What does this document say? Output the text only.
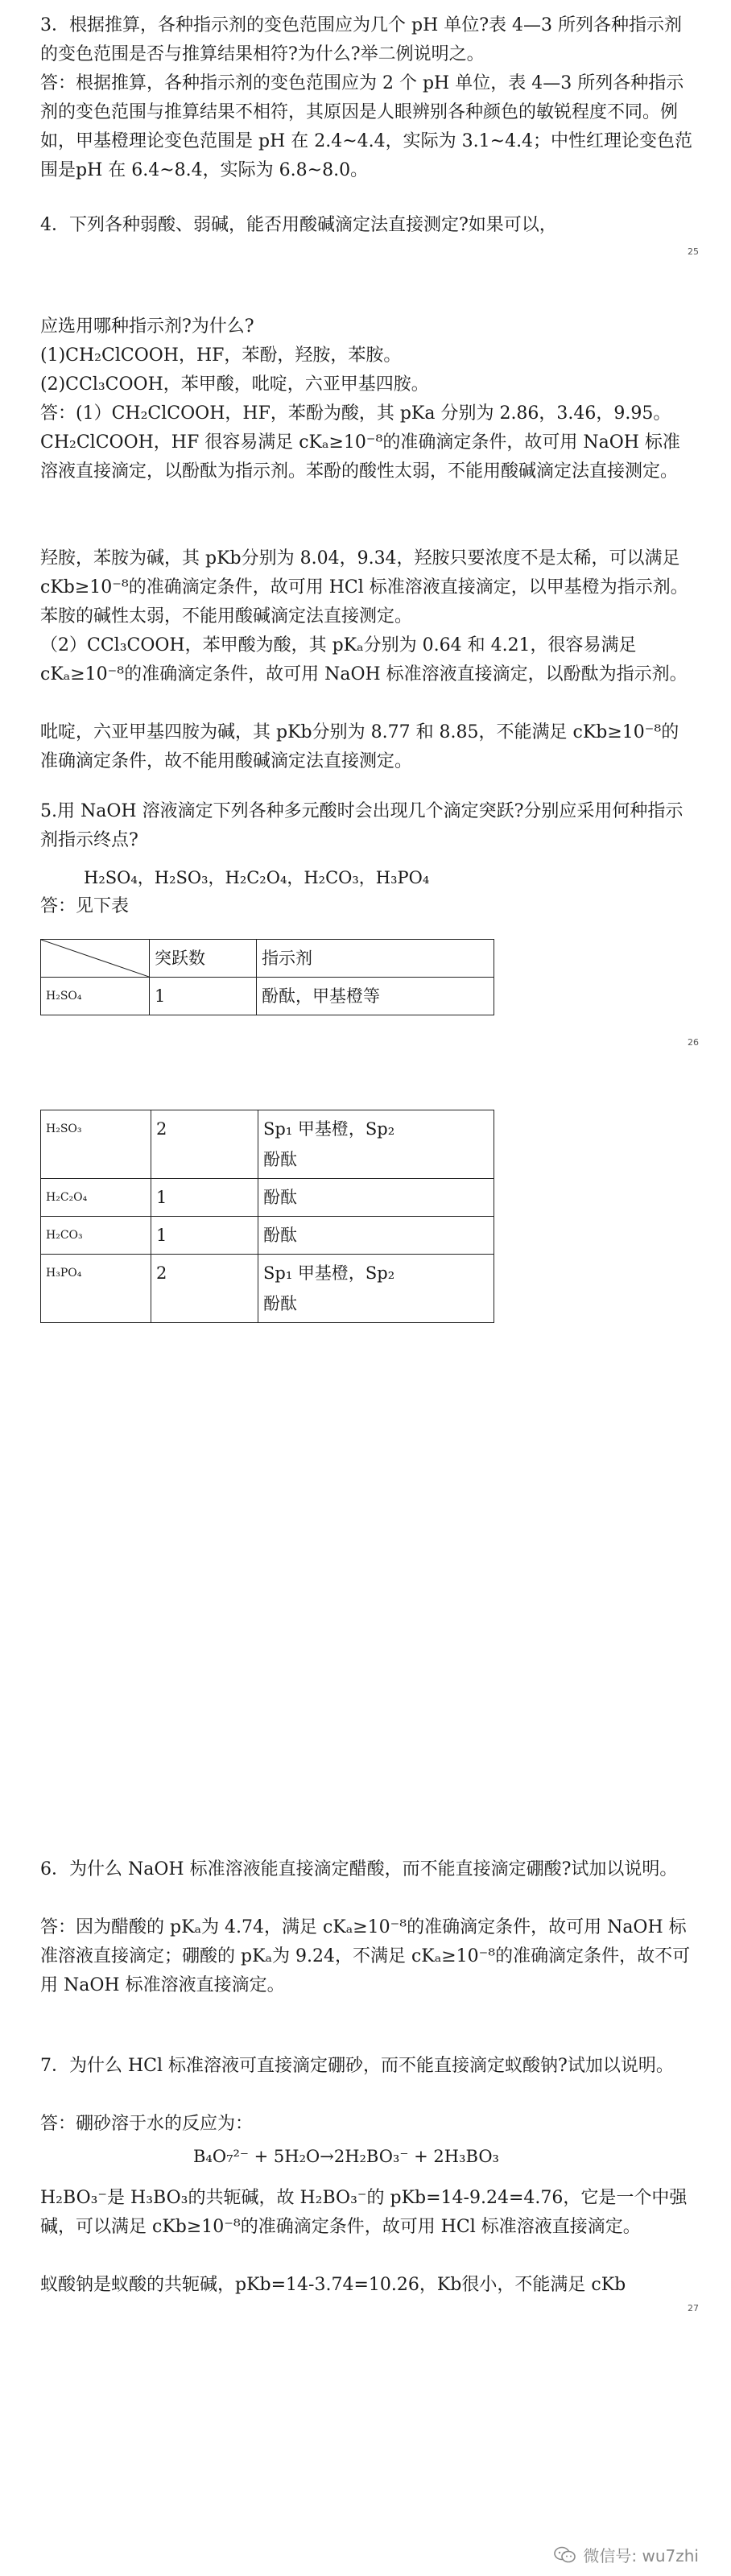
3．根据推算，各种指示剂的变色范围应为几个 pH 单位?表 4—3 所列各种指示剂的变色范围是否与推算结果相符?为什么?举二例说明之。

答：根据推算，各种指示剂的变色范围应为 2 个 pH 单位，表 4—3 所列各种指示剂的变色范围与推算结果不相符，其原因是人眼辨别各种颜色的敏锐程度不同。例如，甲基橙理论变色范围是 pH 在 2.4~4.4，实际为 3.1~4.4；中性红理论变色范围是pH 在 6.4~8.4，实际为 6.8~8.0。

4．下列各种弱酸、弱碱，能否用酸碱滴定法直接测定?如果可以，

25

应选用哪种指示剂?为什么?

(1)CH₂ClCOOH，HF，苯酚，羟胺，苯胺。

(2)CCl₃COOH，苯甲酸，吡啶，六亚甲基四胺。

答：(1）CH₂ClCOOH，HF，苯酚为酸，其 pKa 分别为 2.86，3.46，9.95。CH₂ClCOOH，HF 很容易满足 cKₐ≥10⁻⁸的准确滴定条件，故可用 NaOH 标准溶液直接滴定，以酚酞为指示剂。苯酚的酸性太弱，不能用酸碱滴定法直接测定。

羟胺，苯胺为碱，其 pKb分别为 8.04，9.34，羟胺只要浓度不是太稀，可以满足 cKb≥10⁻⁸的准确滴定条件，故可用 HCl 标准溶液直接滴定，以甲基橙为指示剂。苯胺的碱性太弱，不能用酸碱滴定法直接测定。

（2）CCl₃COOH，苯甲酸为酸，其 pKₐ分别为 0.64 和 4.21，很容易满足 cKₐ≥10⁻⁸的准确滴定条件，故可用 NaOH 标准溶液直接滴定，以酚酞为指示剂。

吡啶，六亚甲基四胺为碱，其 pKb分别为 8.77 和 8.85，不能满足 cKb≥10⁻⁸的准确滴定条件，故不能用酸碱滴定法直接测定。

5.用 NaOH 溶液滴定下列各种多元酸时会出现几个滴定突跃?分别应采用何种指示剂指示终点?

H₂SO₄，H₂SO₃，H₂C₂O₄，H₂CO₃，H₃PO₄

答：见下表

	突跃数	指示剂
H₂SO₄	1	酚酞，甲基橙等
26
H₂SO₃	2	Sp₁ 甲基橙，Sp₂
酚酞
H₂C₂O₄	1	酚酞
H₂CO₃	1	酚酞
H₃PO₄	2	Sp₁ 甲基橙，Sp₂
酚酞

6．为什么 NaOH 标准溶液能直接滴定醋酸，而不能直接滴定硼酸?试加以说明。

答：因为醋酸的 pKₐ为 4.74，满足 cKₐ≥10⁻⁸的准确滴定条件，故可用 NaOH 标准溶液直接滴定；硼酸的 pKₐ为 9.24，不满足 cKₐ≥10⁻⁸的准确滴定条件，故不可用 NaOH 标准溶液直接滴定。

7．为什么 HCl 标准溶液可直接滴定硼砂，而不能直接滴定蚁酸钠?试加以说明。

答：硼砂溶于水的反应为：

B₄O₇²⁻ + 5H₂O→2H₂BO₃⁻ + 2H₃BO₃

H₂BO₃⁻是 H₃BO₃的共轭碱，故 H₂BO₃⁻的 pKb=14-9.24=4.76，它是一个中强碱，可以满足 cKb≥10⁻⁸的准确滴定条件，故可用 HCl 标准溶液直接滴定。

蚁酸钠是蚁酸的共轭碱，pKb=14-3.74=10.26，Kb很小，不能满足 cKb

27
微信号: wu7zhi
